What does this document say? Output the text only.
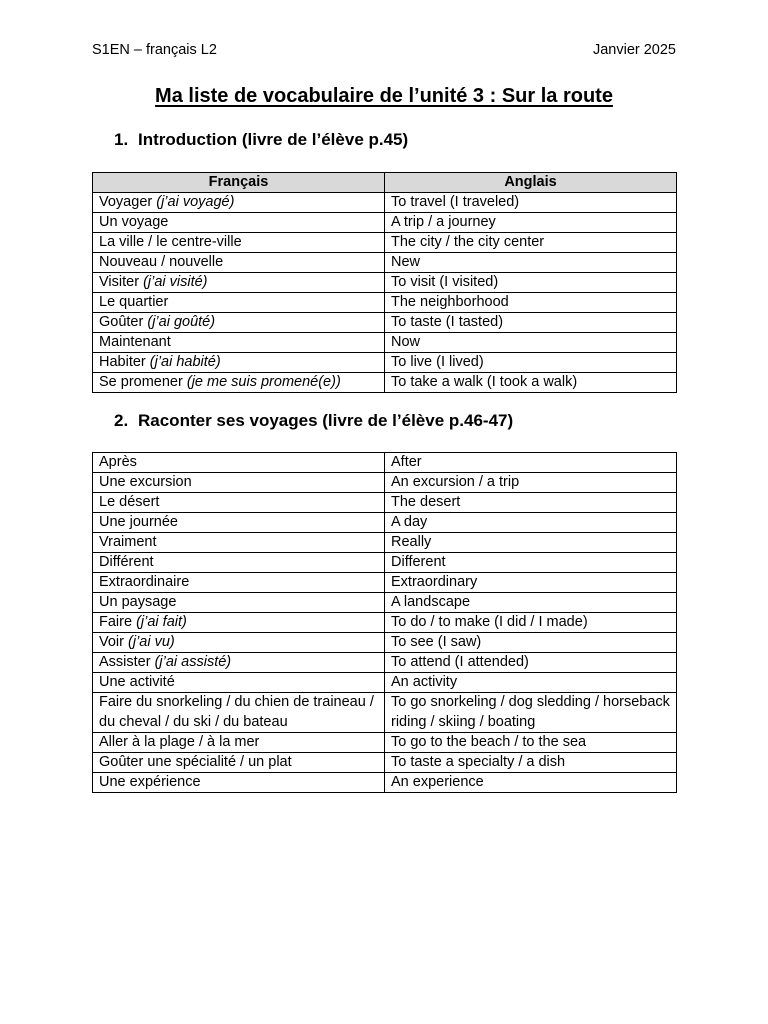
S1EN – français L2	Janvier 2025
Ma liste de vocabulaire de l’unité 3 : Sur la route
1. Introduction (livre de l’élève p.45)
Français	Anglais
Voyager (j’ai voyagé)	To travel (I traveled)
Un voyage	A trip / a journey
La ville / le centre-ville	The city / the city center
Nouveau / nouvelle	New
Visiter (j’ai visité)	To visit (I visited)
Le quartier	The neighborhood
Goûter (j’ai goûté)	To taste (I tasted)
Maintenant	Now
Habiter (j’ai habité)	To live (I lived)
Se promener (je me suis promené(e))	To take a walk (I took a walk)
2. Raconter ses voyages (livre de l’élève p.46-47)
Après	After
Une excursion	An excursion / a trip
Le désert	The desert
Une journée	A day
Vraiment	Really
Différent	Different
Extraordinaire	Extraordinary
Un paysage	A landscape
Faire (j’ai fait)	To do / to make (I did / I made)
Voir (j’ai vu)	To see (I saw)
Assister (j’ai assisté)	To attend (I attended)
Une activité	An activity
Faire du snorkeling / du chien de traineau / du cheval / du ski / du bateau	To go snorkeling / dog sledding / horseback riding / skiing / boating
Aller à la plage / à la mer	To go to the beach / to the sea
Goûter une spécialité / un plat	To taste a specialty / a dish
Une expérience	An experience
